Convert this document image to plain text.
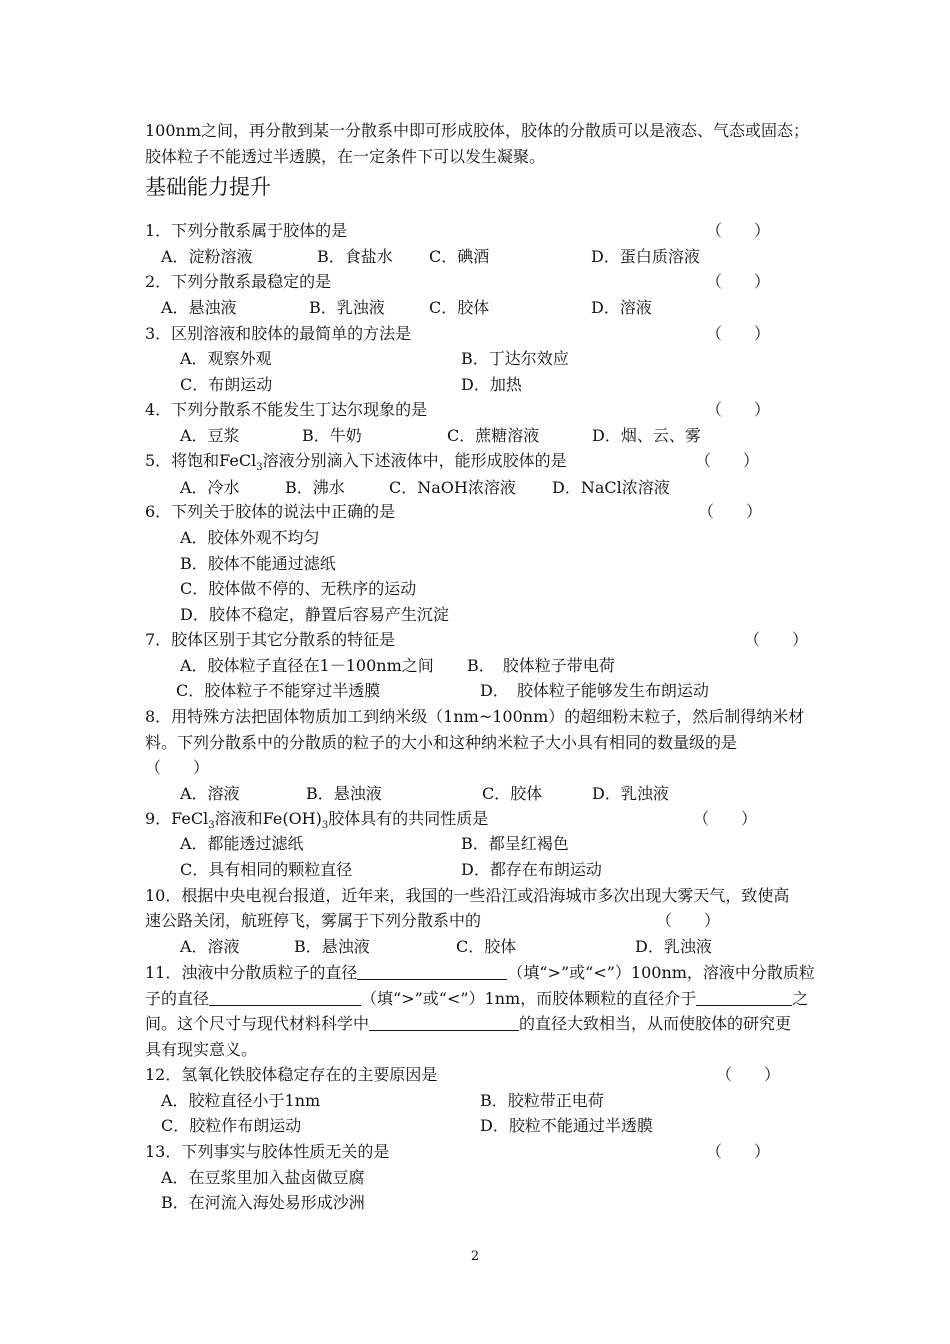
100nm之间，再分散到某一分散系中即可形成胶体，胶体的分散质可以是液态、气态或固态；
胶体粒子不能透过半透膜，在一定条件下可以发生凝聚。
基础能力提升
1．下列分散系属于胶体的是	（　　）
A．淀粉溶液	B．食盐水 C．碘酒	D．蛋白质溶液
2．下列分散系最稳定的是	（　　）
A．悬浊液	B．乳浊液	C．胶体	D．溶液
3．区别溶液和胶体的最简单的方法是	（　　）
A．观察外观	B．丁达尔效应
C．布朗运动	D．加热
4．下列分散系不能发生丁达尔现象的是	（　　）
A．豆浆	B．牛奶	C．蔗糖溶液	D．烟、云、雾
5．将饱和FeCl$_3$溶液分别滴入下述液体中，能形成胶体的是	（　　）
A．冷水	B．沸水	C．NaOH浓溶液 D．NaCl浓溶液
6．下列关于胶体的说法中正确的是	（　　）
A．胶体外观不均匀
B．胶体不能通过滤纸
C．胶体做不停的、无秩序的运动
D．胶体不稳定，静置后容易产生沉淀
7．胶体区别于其它分散系的特征是	（　　）
A．胶体粒子直径在1－100nm之间 B．　胶体粒子带电荷
C．胶体粒子不能穿过半透膜	D．　胶体粒子能够发生布朗运动
8．用特殊方法把固体物质加工到纳米级（1nm~100nm）的超细粉末粒子，然后制得纳米材
料。下列分散系中的分散质的粒子的大小和这种纳米粒子大小具有相同的数量级的是
（　　）
A．溶液	B．悬浊液	C．胶体	D．乳浊液
9．FeCl$_3$溶液和$Fe(OH)_3$胶体具有的共同性质是	（　　）
A．都能透过滤纸	B．都呈红褐色
C．具有相同的颗粒直径	D．都存在布朗运动
10．根据中央电视台报道，近年来，我国的一些沿江或沿海城市多次出现大雾天气，致使高
速公路关闭，航班停飞，雾属于下列分散系中的	（　　）
A．溶液	B．悬浊液	C．胶体	D．乳浊液
11．浊液中分散质粒子的直径	（填“>”或“<”）100nm，溶液中分散质粒
子的直径	（填“>”或“<”）1nm，而胶体颗粒的直径介于	之
间。这个尺寸与现代材料科学中	的直径大致相当，从而使胶体的研究更
具有现实意义。
12．氢氧化铁胶体稳定存在的主要原因是	（　　）
A．胶粒直径小于1nm	B．胶粒带正电荷
C．胶粒作布朗运动	D．胶粒不能通过半透膜
13．下列事实与胶体性质无关的是	（　　）
A．在豆浆里加入盐卤做豆腐
B．在河流入海处易形成沙洲
2
